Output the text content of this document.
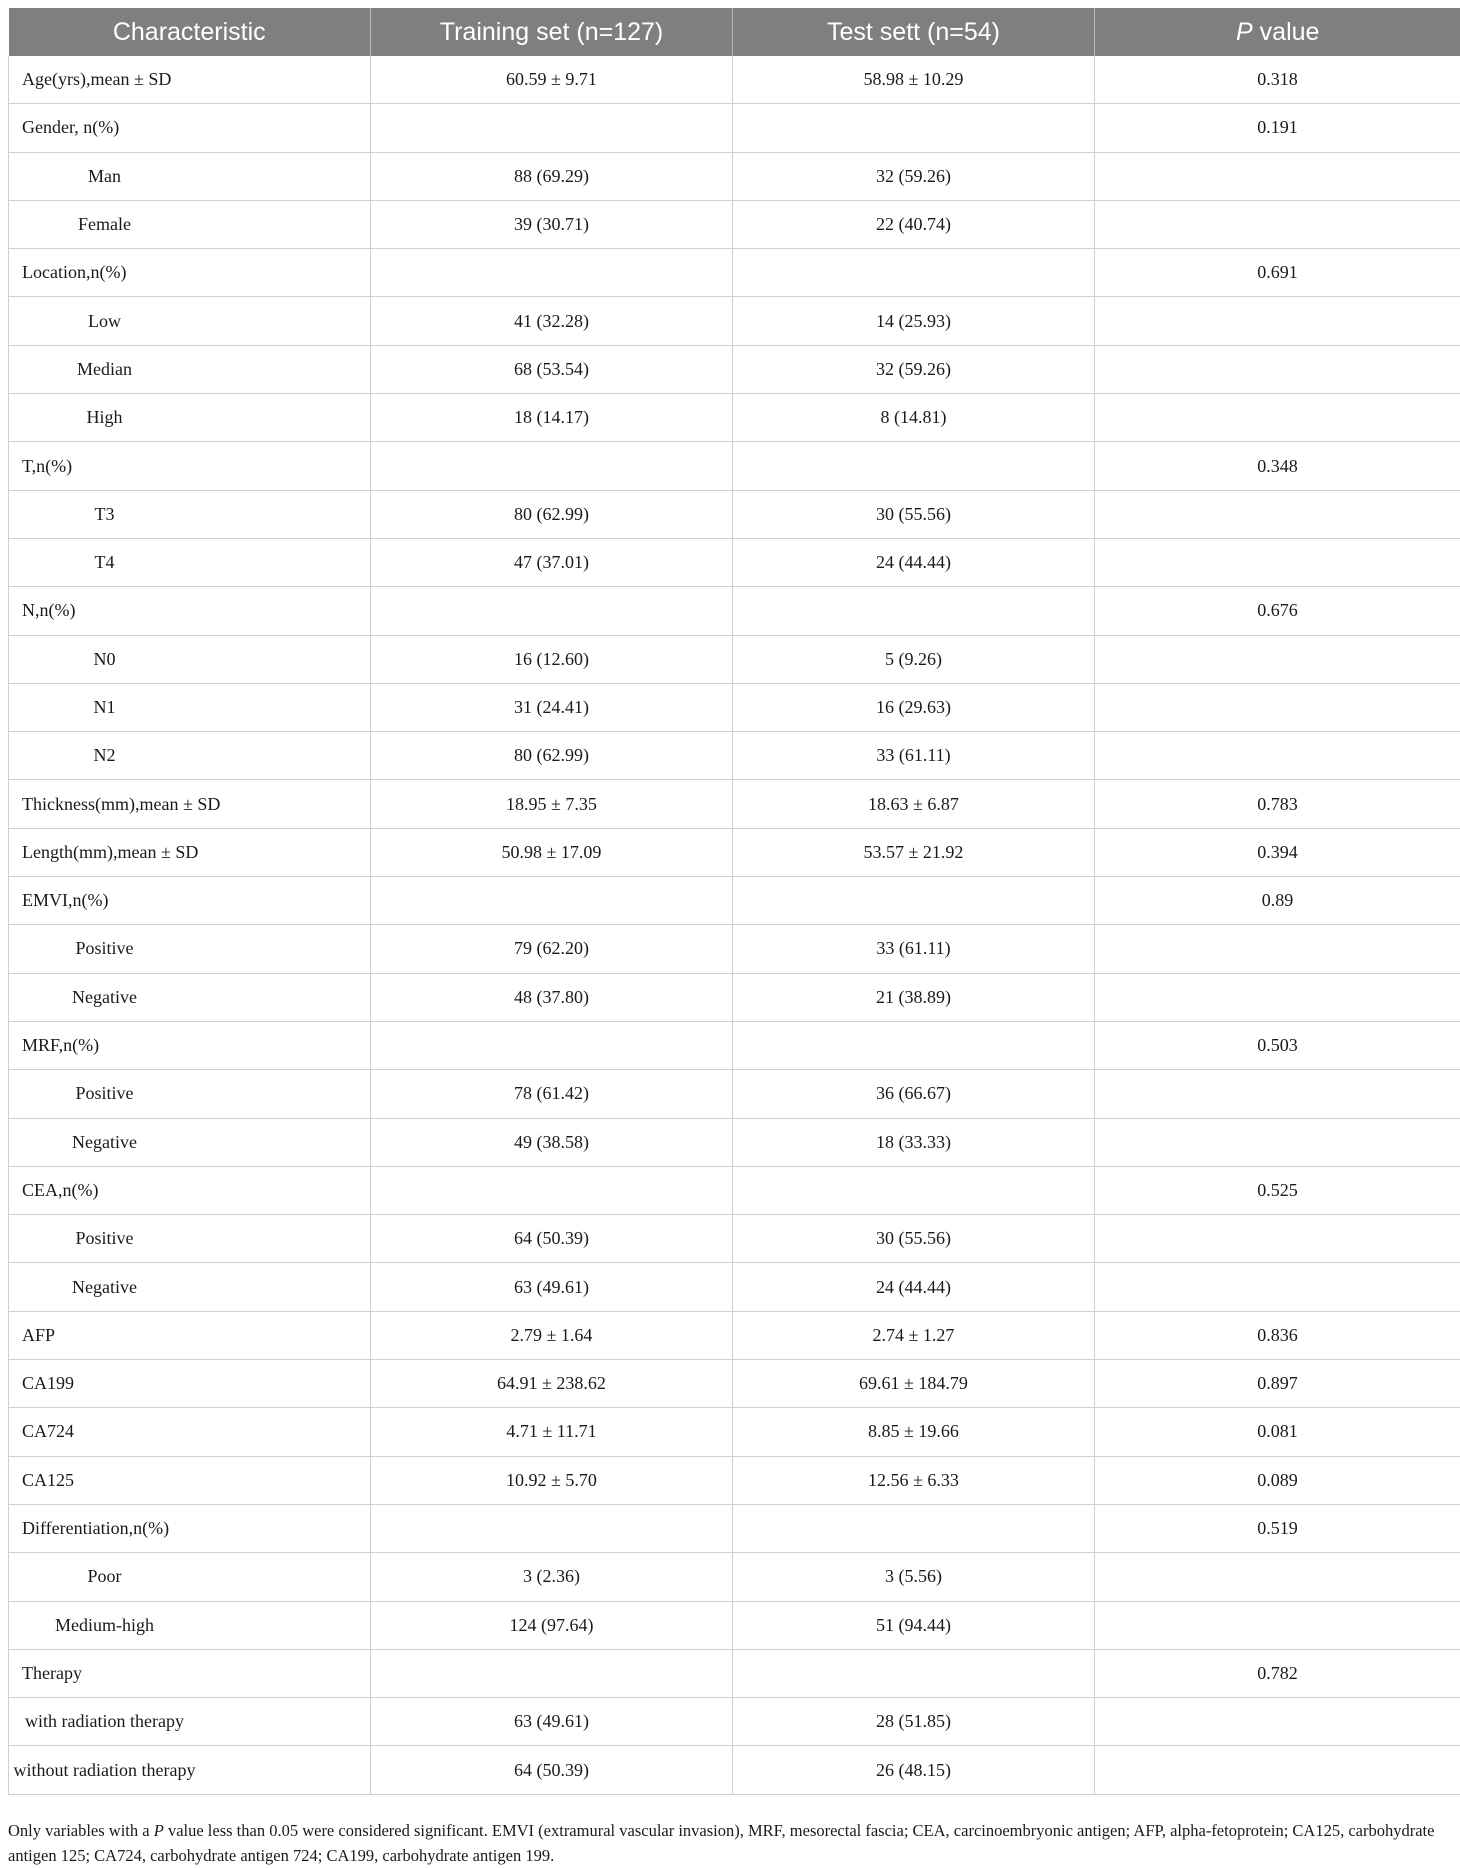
Characteristic	Training set (n=127)	Test sett (n=54)	P value
Age(yrs),mean ± SD	60.59 ± 9.71	58.98 ± 10.29	0.318
Gender, n(%)			0.191
Man	88 (69.29)	32 (59.26)	
Female	39 (30.71)	22 (40.74)	
Location,n(%)			0.691
Low	41 (32.28)	14 (25.93)	
Median	68 (53.54)	32 (59.26)	
High	18 (14.17)	8 (14.81)	
T,n(%)			0.348
T3	80 (62.99)	30 (55.56)	
T4	47 (37.01)	24 (44.44)	
N,n(%)			0.676
N0	16 (12.60)	5 (9.26)	
N1	31 (24.41)	16 (29.63)	
N2	80 (62.99)	33 (61.11)	
Thickness(mm),mean ± SD	18.95 ± 7.35	18.63 ± 6.87	0.783
Length(mm),mean ± SD	50.98 ± 17.09	53.57 ± 21.92	0.394
EMVI,n(%)			0.89
Positive	79 (62.20)	33 (61.11)	
Negative	48 (37.80)	21 (38.89)	
MRF,n(%)			0.503
Positive	78 (61.42)	36 (66.67)	
Negative	49 (38.58)	18 (33.33)	
CEA,n(%)			0.525
Positive	64 (50.39)	30 (55.56)	
Negative	63 (49.61)	24 (44.44)	
AFP	2.79 ± 1.64	2.74 ± 1.27	0.836
CA199	64.91 ± 238.62	69.61 ± 184.79	0.897
CA724	4.71 ± 11.71	8.85 ± 19.66	0.081
CA125	10.92 ± 5.70	12.56 ± 6.33	0.089
Differentiation,n(%)			0.519
Poor	3 (2.36)	3 (5.56)	
Medium-high	124 (97.64)	51 (94.44)	
Therapy			0.782
with radiation therapy	63 (49.61)	28 (51.85)	
without radiation therapy	64 (50.39)	26 (48.15)	
Only variables with a P value less than 0.05 were considered significant. EMVI (extramural vascular invasion), MRF, mesorectal fascia; CEA, carcinoembryonic antigen; AFP, alpha-fetoprotein; CA125, carbohydrate antigen 125; CA724, carbohydrate antigen 724; CA199, carbohydrate antigen 199.
